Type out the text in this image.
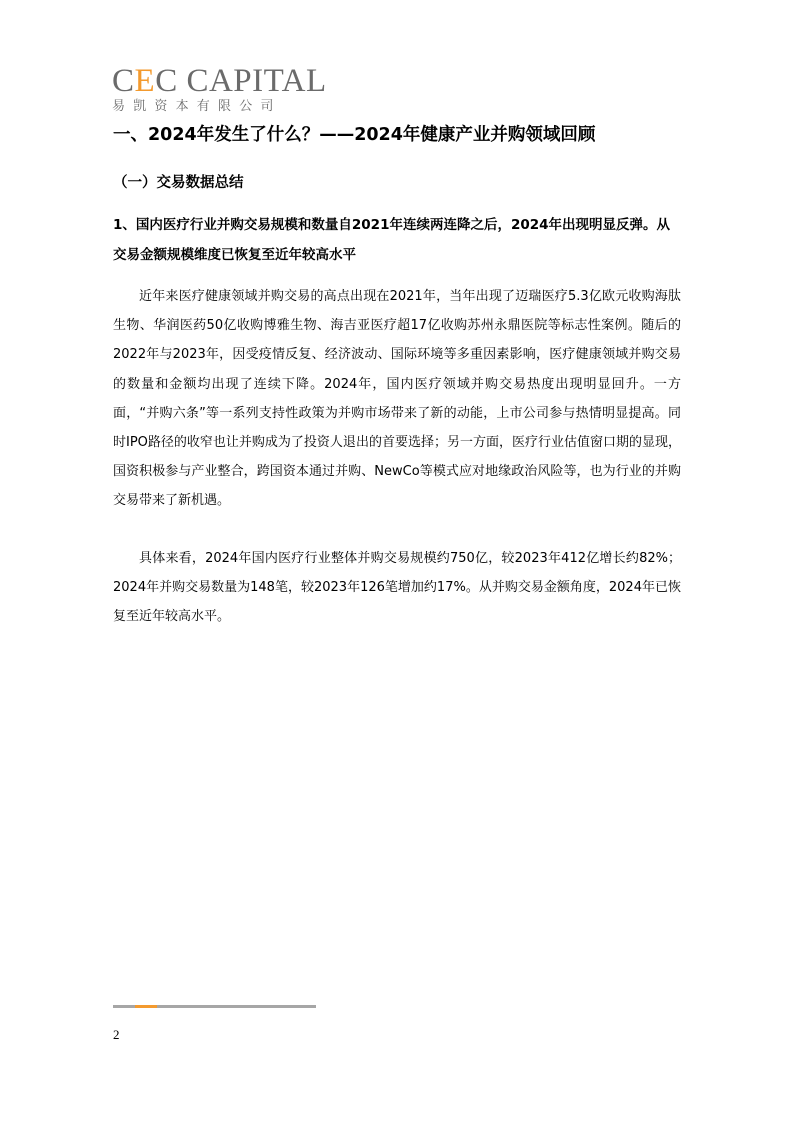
CEC CAPITAL
易凯资本有限公司
一、2024年发生了什么？——2024年健康产业并购领域回顾
（一）交易数据总结
1、国内医疗行业并购交易规模和数量自2021年连续两连降之后，2024年出现明显反弹。从交易金额规模维度已恢复至近年较高水平

近年来医疗健康领域并购交易的高点出现在2021年，当年出现了迈瑞医疗5.3亿欧元收购海肽生物、华润医药50亿收购博雅生物、海吉亚医疗超17亿收购苏州永鼎医院等标志性案例。随后的2022年与2023年，因受疫情反复、经济波动、国际环境等多重因素影响，医疗健康领域并购交易的数量和金额均出现了连续下降。2024年，国内医疗领域并购交易热度出现明显回升。一方面，“并购六条”等一系列支持性政策为并购市场带来了新的动能，上市公司参与热情明显提高。同时IPO路径的收窄也让并购成为了投资人退出的首要选择；另一方面，医疗行业估值窗口期的显现，国资积极参与产业整合，跨国资本通过并购、NewCo等模式应对地缘政治风险等，也为行业的并购交易带来了新机遇。

具体来看，2024年国内医疗行业整体并购交易规模约750亿，较2023年412亿增长约82%；2024年并购交易数量为148笔，较2023年126笔增加约17%。从并购交易金额角度，2024年已恢复至近年较高水平。

2
